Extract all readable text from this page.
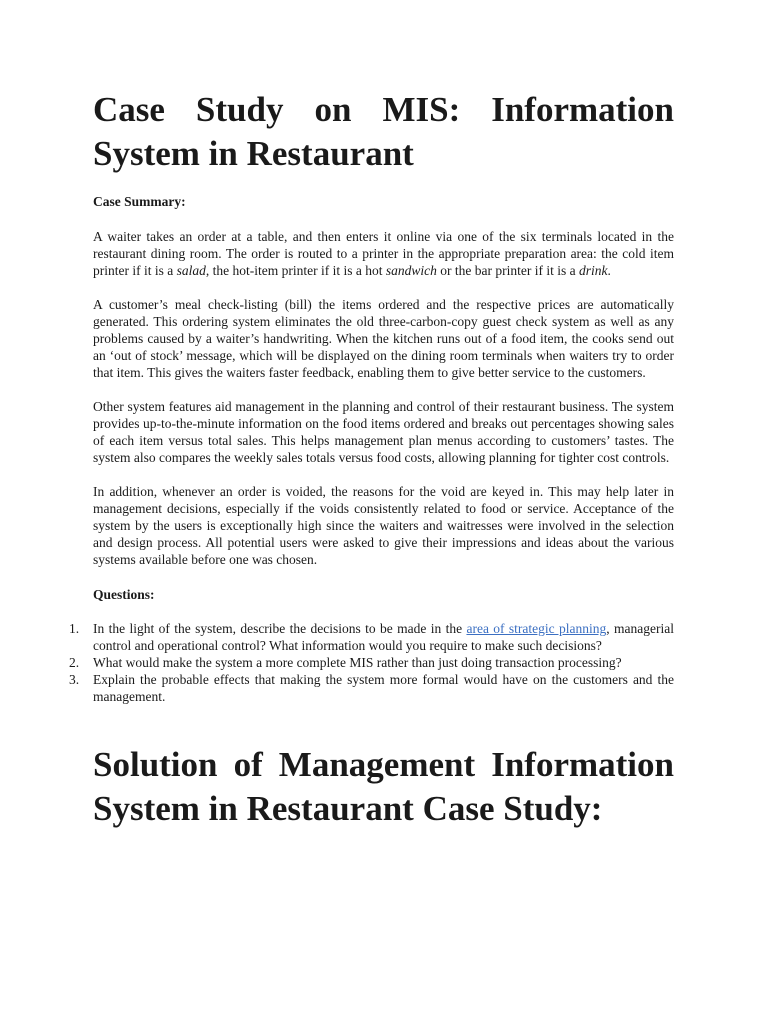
Case Study on MIS: Information System in Restaurant
Case Summary:

A waiter takes an order at a table, and then enters it online via one of the six terminals located in the restaurant dining room. The order is routed to a printer in the appropriate preparation area: the cold item printer if it is a salad, the hot-item printer if it is a hot sandwich or the bar printer if it is a drink.

A customer’s meal check-listing (bill) the items ordered and the respective prices are automatically generated. This ordering system eliminates the old three-carbon-copy guest check system as well as any problems caused by a waiter’s handwriting. When the kitchen runs out of a food item, the cooks send out an ‘out of stock’ message, which will be displayed on the dining room terminals when waiters try to order that item. This gives the waiters faster feedback, enabling them to give better service to the customers.

Other system features aid management in the planning and control of their restaurant business. The system provides up-to-the-minute information on the food items ordered and breaks out percentages showing sales of each item versus total sales. This helps management plan menus according to customers’ tastes. The system also compares the weekly sales totals versus food costs, allowing planning for tighter cost controls.

In addition, whenever an order is voided, the reasons for the void are keyed in. This may help later in management decisions, especially if the voids consistently related to food or service. Acceptance of the system by the users is exceptionally high since the waiters and waitresses were involved in the selection and design process. All potential users were asked to give their impressions and ideas about the various systems available before one was chosen.

Questions:
1. In the light of the system, describe the decisions to be made in the area of strategic planning, managerial control and operational control? What information would you require to make such decisions?
2. What would make the system a more complete MIS rather than just doing transaction processing?
3. Explain the probable effects that making the system more formal would have on the customers and the management.
Solution of Management Information System in Restaurant Case Study:
